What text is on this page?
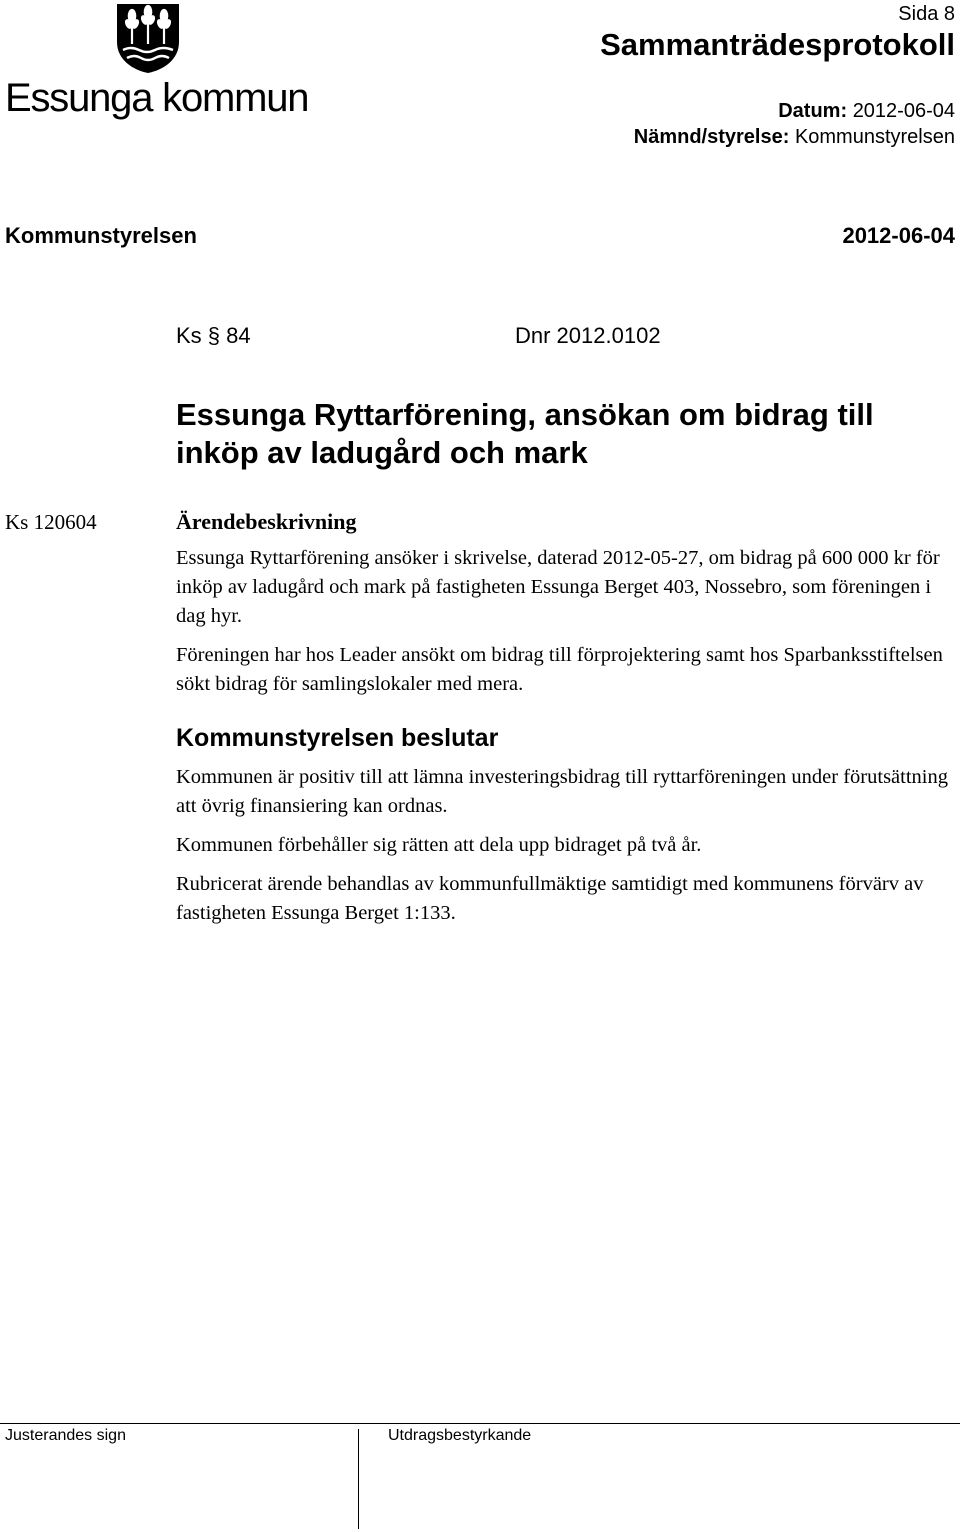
Essunga kommun
Sida 8
Sammanträdesprotokoll
Datum: 2012-06-04
Nämnd/styrelse: Kommunstyrelsen
Kommunstyrelsen	2012-06-04
Ks § 84	Dnr 2012.0102
Essunga Ryttarförening, ansökan om bidrag till inköp av ladugård och mark
Ks 120604	Ärendebeskrivning

Essunga Ryttarförening ansöker i skrivelse, daterad 2012-05-27, om bidrag på 600 000 kr för inköp av ladugård och mark på fastigheten Essunga Berget 403, Nossebro, som föreningen i dag hyr.

Föreningen har hos Leader ansökt om bidrag till förprojektering samt hos Sparbanksstiftelsen sökt bidrag för samlingslokaler med mera.

Kommunstyrelsen beslutar

Kommunen är positiv till att lämna investeringsbidrag till ryttarföreningen under förutsättning att övrig finansiering kan ordnas.

Kommunen förbehåller sig rätten att dela upp bidraget på två år.

Rubricerat ärende behandlas av kommunfullmäktige samtidigt med kommunens förvärv av fastigheten Essunga Berget 1:133.

Justerandes sign	Utdragsbestyrkande
